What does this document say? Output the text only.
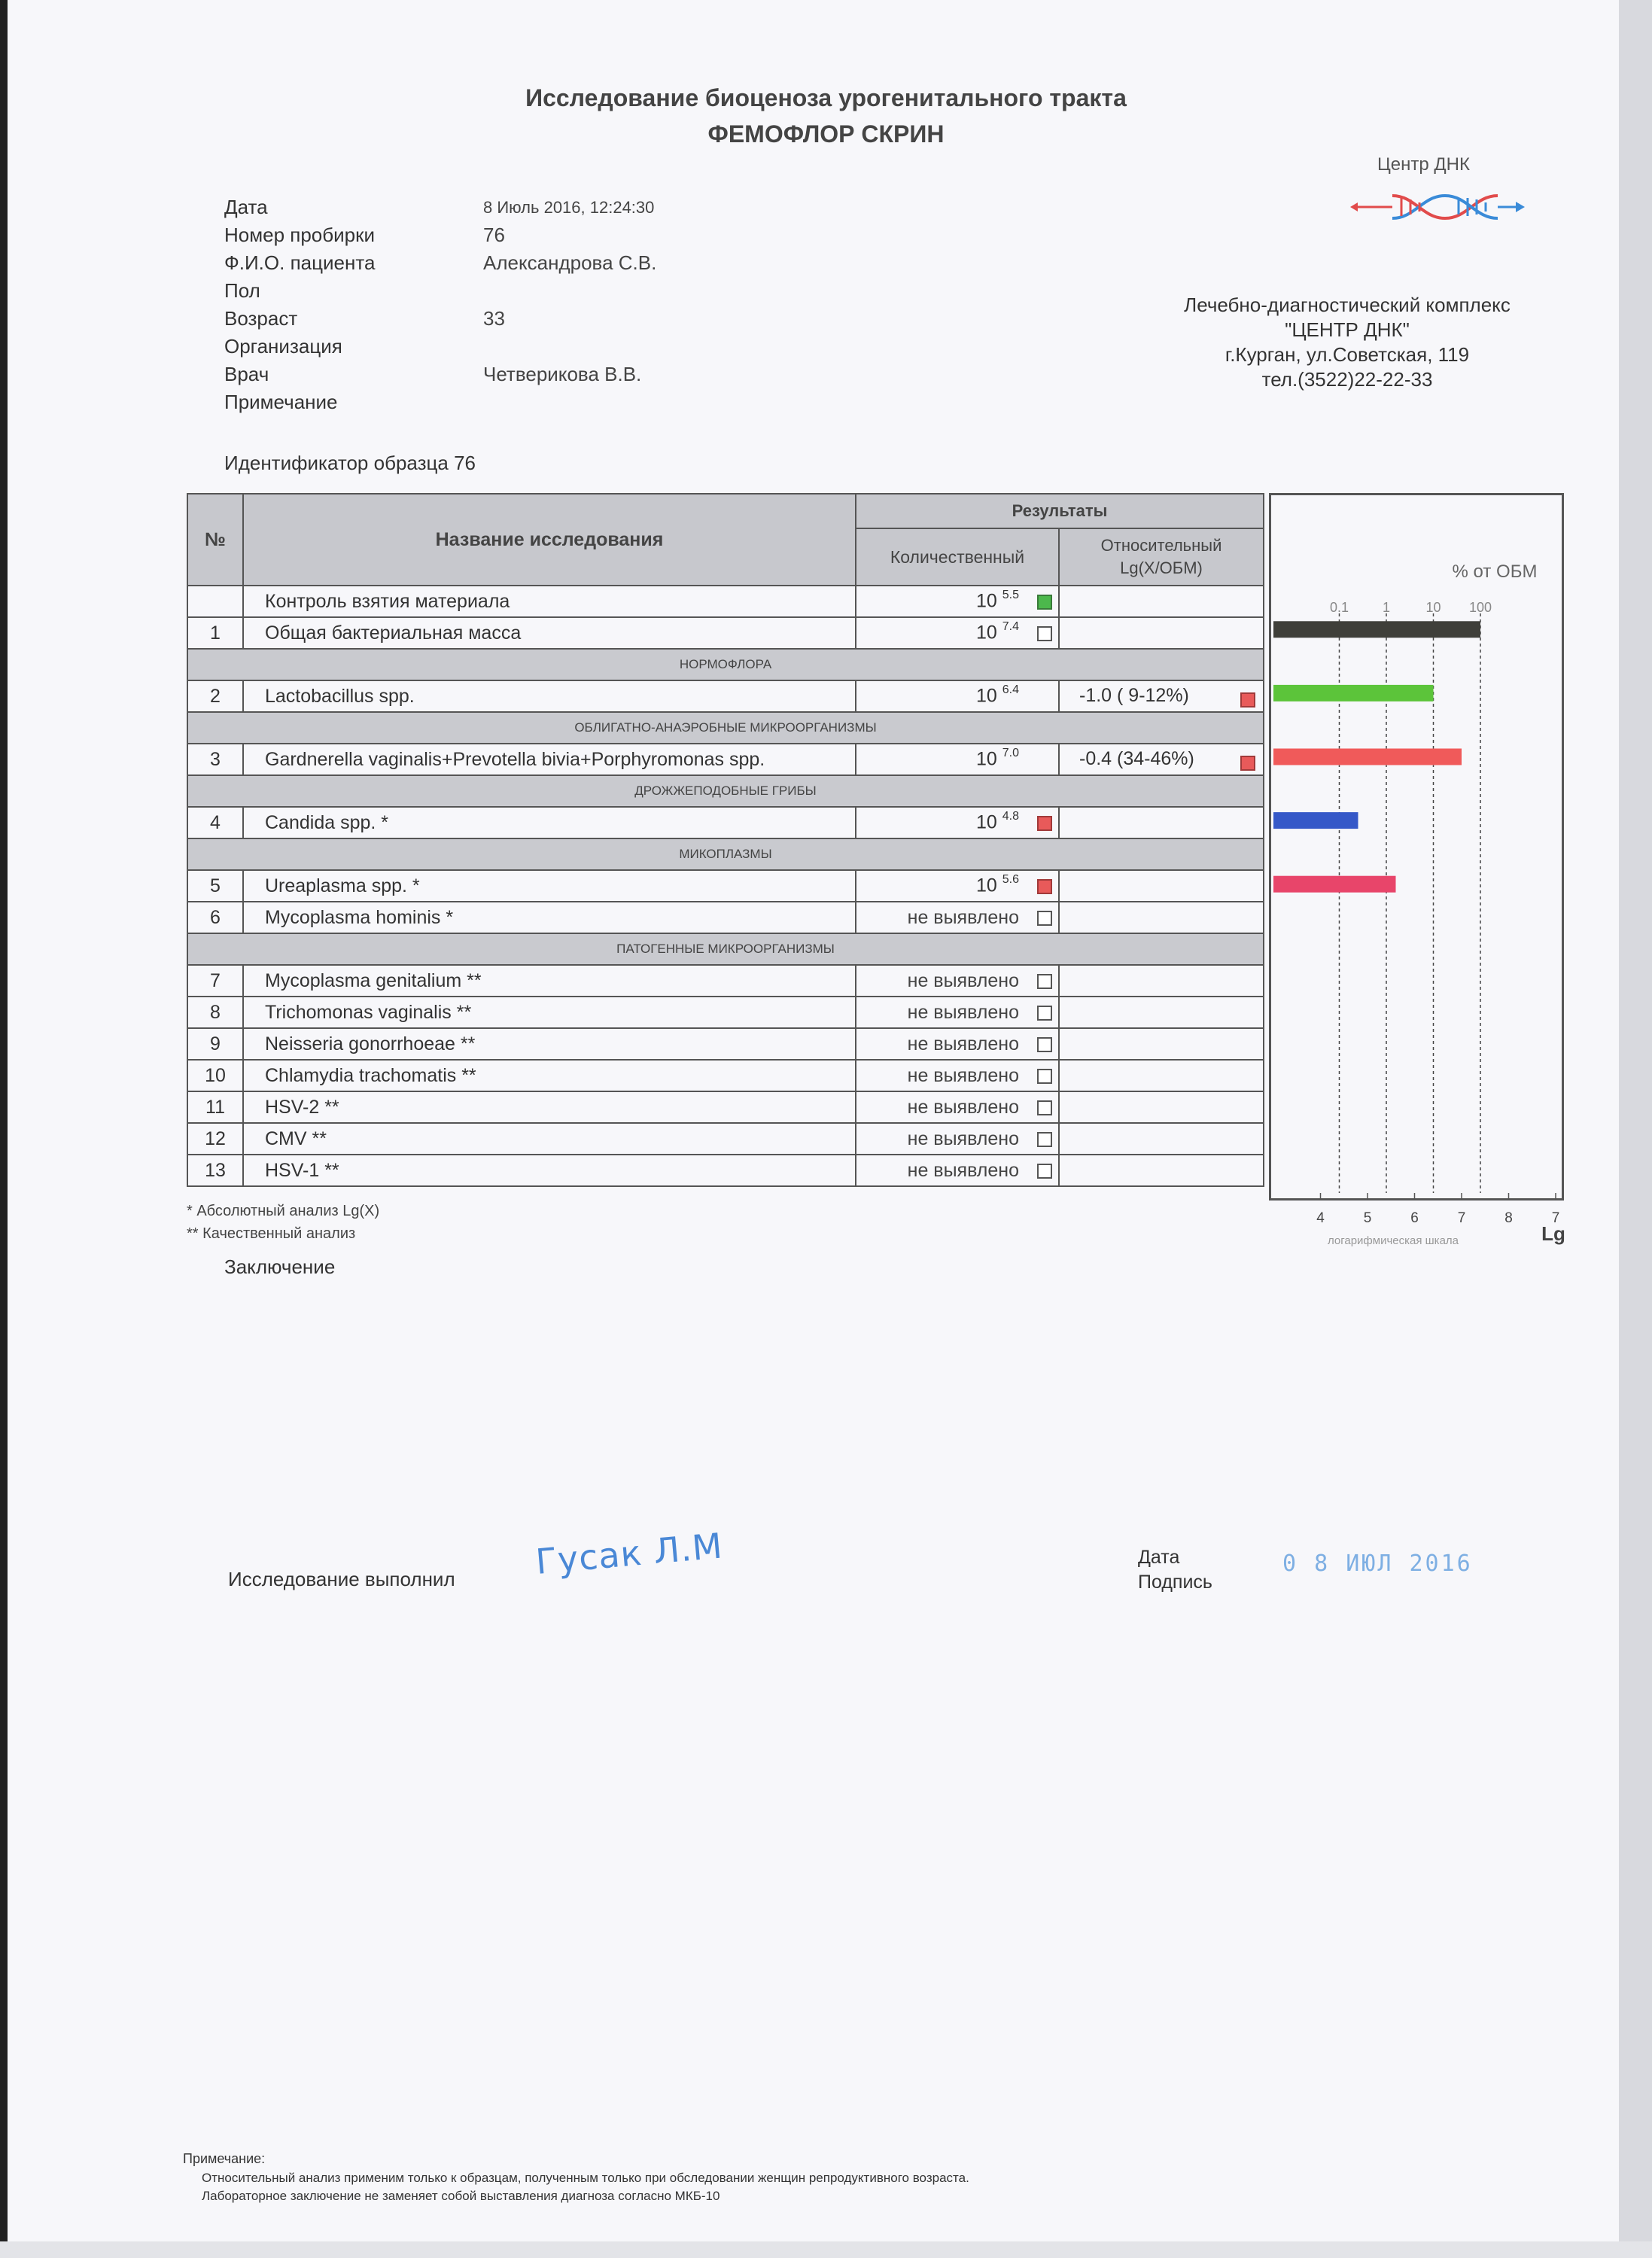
Исследование биоценоза урогенитального тракта
ФЕМОФЛОР СКРИН
Дата	8 Июль 2016, 12:24:30
Номер пробирки	76
Ф.И.О. пациента	Александрова С.В.
Пол
Возраст	33
Организация
Врач	Четверикова В.В.
Примечание
Центр ДНК
Лечебно-диагностический комплекс
"ЦЕНТР ДНК"
г.Курган, ул.Советская, 119
тел.(3522)22-22-33
Идентификатор образца 76
№	Название исследования	Результаты	
		Количественный	Относительный
Lg(X/ОБМ)
	Контроль взятия материала	10 $^{5.5}$	
1	Общая бактериальная масса	10 $^{7.4}$	
НОРМОФЛОРА			
2	Lactobacillus spp.	10 $^{6.4}$	-1.0 ( 9-12%)
ОБЛИГАТНО-АНАЭРОБНЫЕ МИКРООРГАНИЗМЫ			
3	Gardnerella vaginalis+Prevotella bivia+Porphyromonas spp.	10 $^{7.0}$	-0.4 (34-46%)
ДРОЖЖЕПОДОБНЫЕ ГРИБЫ			
4	Candida spp. *	10 $^{4.8}$	
МИКОПЛАЗМЫ			
5	Ureaplasma spp. *	10 $^{5.6}$	
6	Mycoplasma hominis *	не выявлено	
ПАТОГЕННЫЕ МИКРООРГАНИЗМЫ			
7	Mycoplasma genitalium **	не выявлено	
8	Trichomonas vaginalis **	не выявлено	
9	Neisseria gonorrhoeae **	не выявлено	
10	Chlamydia trachomatis **	не выявлено	
11	HSV-2 **	не выявлено	
12	CMV **	не выявлено	
13	HSV-1 **	не выявлено	
% от ОБМ
0.1 1	10 100
4	5	6	7	8	7
логарифмическая шкала	Lg
* Абсолютный анализ Lg(X)
** Качественный анализ
Заключение
Исследование выполнил Гусак Л.М	Дата
Подпись
0 8 ИЮЛ 2016
Примечание:
Относительный анализ применим только к образцам, полученным только при обследовании женщин репродуктивного возраста.
Лабораторное заключение не заменяет собой выставления диагноза согласно МКБ-10
